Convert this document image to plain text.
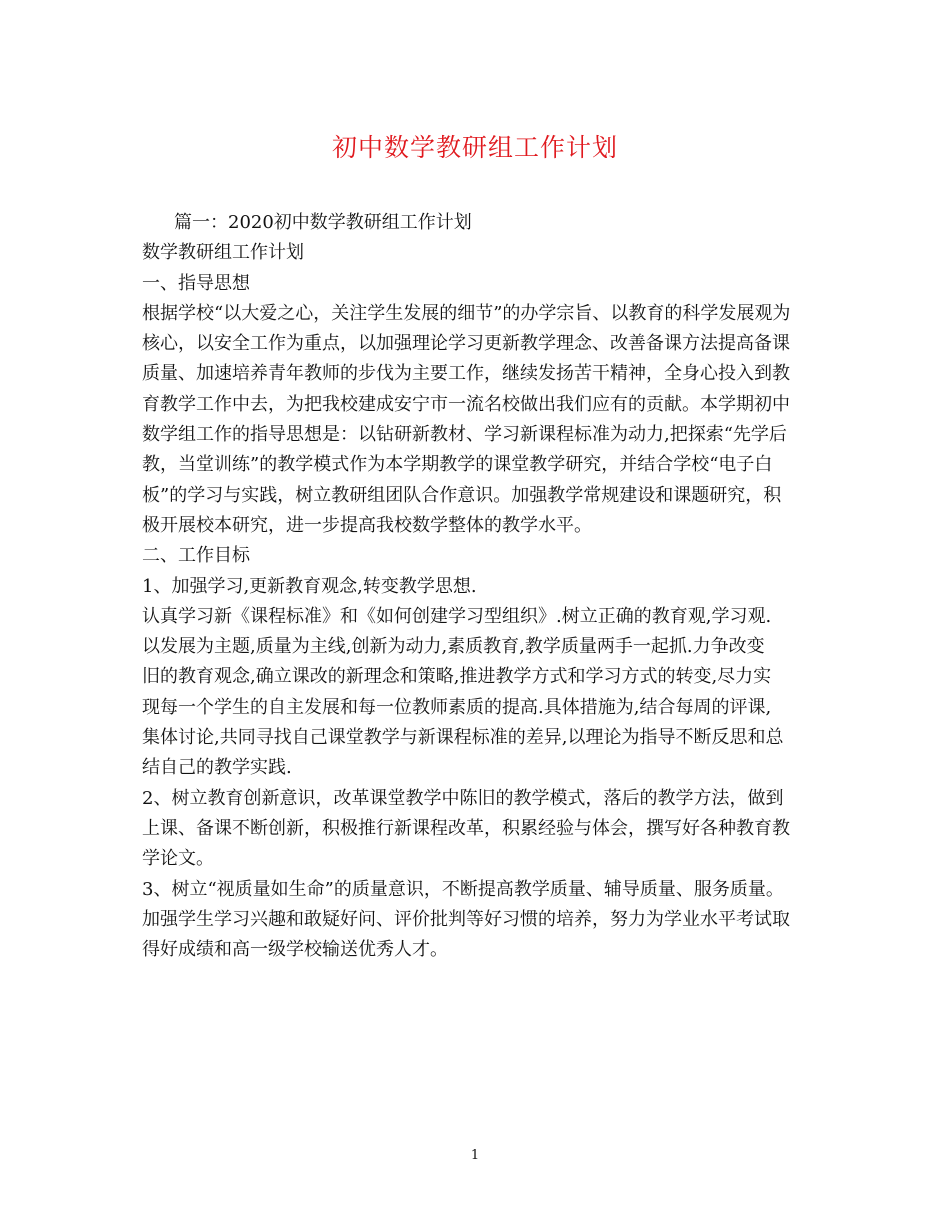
初中数学教研组工作计划

篇一：2020初中数学教研组工作计划

数学教研组工作计划

一、指导思想

根据学校“以大爱之心，关注学生发展的细节”的办学宗旨、以教育的科学发展观为

核心，以安全工作为重点，以加强理论学习更新教学理念、改善备课方法提高备课

质量、加速培养青年教师的步伐为主要工作，继续发扬苦干精神，全身心投入到教

育教学工作中去，为把我校建成安宁市一流名校做出我们应有的贡献。本学期初中

数学组工作的指导思想是：以钻研新教材、学习新课程标准为动力,把探索“先学后

教，当堂训练”的教学模式作为本学期教学的课堂教学研究，并结合学校“电子白

板”的学习与实践，树立教研组团队合作意识。加强教学常规建设和课题研究，积

极开展校本研究，进一步提高我校数学整体的教学水平。

二、工作目标

1、加强学习,更新教育观念,转变教学思想.

认真学习新《课程标准》和《如何创建学习型组织》.树立正确的教育观,学习观.

以发展为主题,质量为主线,创新为动力,素质教育,教学质量两手一起抓.力争改变

旧的教育观念,确立课改的新理念和策略,推进教学方式和学习方式的转变,尽力实

现每一个学生的自主发展和每一位教师素质的提高.具体措施为,结合每周的评课,

集体讨论,共同寻找自己课堂教学与新课程标准的差异,以理论为指导不断反思和总

结自己的教学实践.

2、树立教育创新意识，改革课堂教学中陈旧的教学模式，落后的教学方法，做到

上课、备课不断创新，积极推行新课程改革，积累经验与体会，撰写好各种教育教

学论文。

3、树立“视质量如生命”的质量意识，不断提高教学质量、辅导质量、服务质量。

加强学生学习兴趣和敢疑好问、评价批判等好习惯的培养，努力为学业水平考试取

得好成绩和高一级学校输送优秀人才。

1
